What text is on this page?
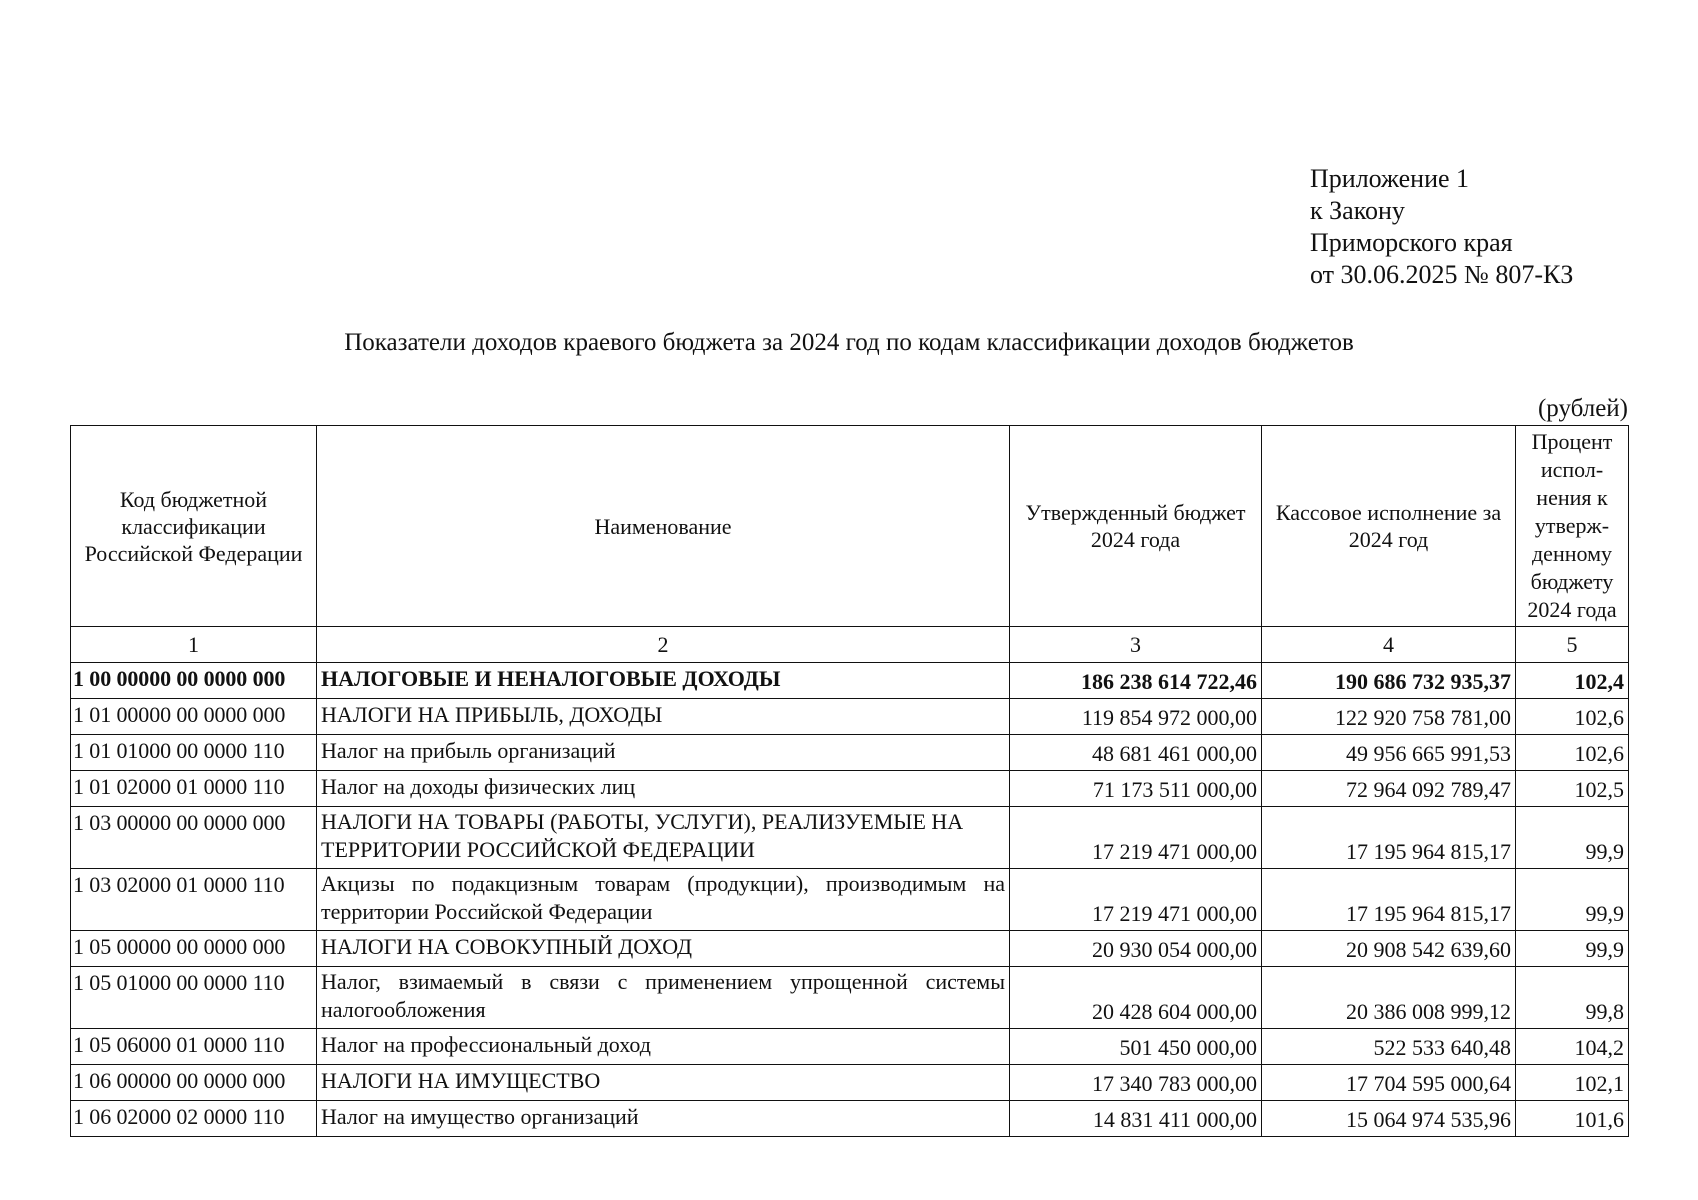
Приложение 1
к Закону
Приморского края
от 30.06.2025 № 807-КЗ
Показатели доходов краевого бюджета за 2024 год по кодам классификации доходов бюджетов
(рублей)
Код бюджетной классификации Российской Федерации	Наименование	Утвержденный бюджет 2024 года	Кассовое исполнение за 2024 год	Процент испол-нения к утверж-денному бюджету 2024 года
1	2	3	4	5
1 00 00000 00 0000 000	НАЛОГОВЫЕ И НЕНАЛОГОВЫЕ ДОХОДЫ	186 238 614 722,46	190 686 732 935,37	102,4
1 01 00000 00 0000 000	НАЛОГИ НА ПРИБЫЛЬ, ДОХОДЫ	119 854 972 000,00	122 920 758 781,00	102,6
1 01 01000 00 0000 110	Налог на прибыль организаций	48 681 461 000,00	49 956 665 991,53	102,6
1 01 02000 01 0000 110	Налог на доходы физических лиц	71 173 511 000,00	72 964 092 789,47	102,5
1 03 00000 00 0000 000	НАЛОГИ НА ТОВАРЫ (РАБОТЫ, УСЛУГИ), РЕАЛИЗУЕМЫЕ НА ТЕРРИТОРИИ РОССИЙСКОЙ ФЕДЕРАЦИИ	17 219 471 000,00	17 195 964 815,17	99,9
1 03 02000 01 0000 110	Акцизы по подакцизным товарам (продукции), производимым на территории Российской Федерации	17 219 471 000,00	17 195 964 815,17	99,9
1 05 00000 00 0000 000	НАЛОГИ НА СОВОКУПНЫЙ ДОХОД	20 930 054 000,00	20 908 542 639,60	99,9
1 05 01000 00 0000 110	Налог, взимаемый в связи с применением упрощенной системы налогообложения	20 428 604 000,00	20 386 008 999,12	99,8
1 05 06000 01 0000 110	Налог на профессиональный доход	501 450 000,00	522 533 640,48	104,2
1 06 00000 00 0000 000	НАЛОГИ НА ИМУЩЕСТВО	17 340 783 000,00	17 704 595 000,64	102,1
1 06 02000 02 0000 110	Налог на имущество организаций	14 831 411 000,00	15 064 974 535,96	101,6
